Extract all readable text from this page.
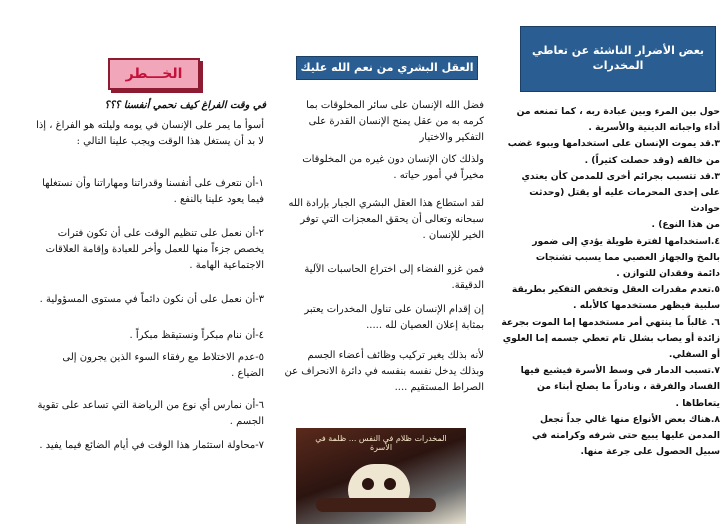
بعض الأضرار الناشئة عن تعاطي
المخدرات
حول بين المرء وبين عبادة ربه ، كما تمنعه من
أداء واجباته الدينية والأسرية .
٣.قد يموت الإنسان على استخدامها ويبوء غضب
من خالقه (وقد حصلت كثيراً) .
٣.قد تتسبب بجرائم أخرى للمدمن كأن يعتدي
على إحدى المحرمات عليه أو يقتل (وحدثت حوادث
من هذا النوع) .
٤.استخدامها لفترة طويلة يؤدي إلى ضمور
بالمخ والجهاز العصبي مما يسبب تشنجات
دائمة وفقدان للتوازن .
٥.تعدم مقدرات العقل وتخفض التفكير بطريقة
سلبية فيظهر مستخدمها كالأبله .
٦. غالباً ما ينتهي أمر مستخدمها إما الموت بجرعة
زائدة أو يصاب بشلل تام تعطي جسمه إما العلوي
أو السفلي.
٧.تسبب الدمار في وسط الأسرة فيشيع فيها
الفساد والفرقة ، ونادراً ما يصلح أبناء من
يتعاطاها .
٨.هناك بعض الأنواع منها غالي جداً تجعل
المدمن عليها يبيع حتى شرفه وكرامته في
سبيل الحصول على جرعة منها.
العقل البشري من نعم الله عليك

فضل الله الإنسان على سائر المخلوقات بما كرمه به من عقل يمنح الإنسان القدرة على التفكير والاختيار

ولذلك كان الإنسان دون غيره من المخلوقات مخيراً في أمور حياته .

لقد استطاع هذا العقل البشري الجبار بإرادة الله سبحانه وتعالى أن يحقق المعجزات التي توفر الخير للإنسان .

فمن غزو الفضاء إلى اختراع الحاسبات الآلية الدقيقة.

إن إقدام الإنسان على تناول المخدرات يعتبر بمثابة إعلان العصيان لله .....

لأنه بذلك يغير تركيب وظائف أعضاء الجسم وبذلك يدخل نفسه بنفسه في دائرة الانحراف عن الصراط المستقيم ....

المخدرات ظلام في النفس ... ظلمة في الأسرة
الخـــطر
في وقت الفراغ كيف نحمي أنفسنا ؟؟؟

أسوأ ما يمر على الإنسان في يومه وليلته هو الفراغ ، إذا لا بد أن يستغل هذا الوقت ويجب علينا التالي :

١-أن نتعرف على أنفسنا وقدراتنا ومهاراتنا وأن نستغلها فيما يعود علينا بالنفع .

٢-أن نعمل على تنظيم الوقت على أن تكون فترات يخصص جزءاً منها للعمل وأخر للعبادة وإقامة العلاقات الاجتماعية الهامة .

٣-أن نعمل على أن نكون دائماً في مستوى المسؤولية .

٤-أن ننام مبكراً ونستيقظ مبكراً .

٥-عدم الاختلاط مع رفقاء السوء الذين يجرون إلى الضياع .

٦-أن نمارس أي نوع من الرياضة التي تساعد على تقوية الجسم .

٧-محاولة استثمار هذا الوقت في أيام الضائع فيما يفيد .
